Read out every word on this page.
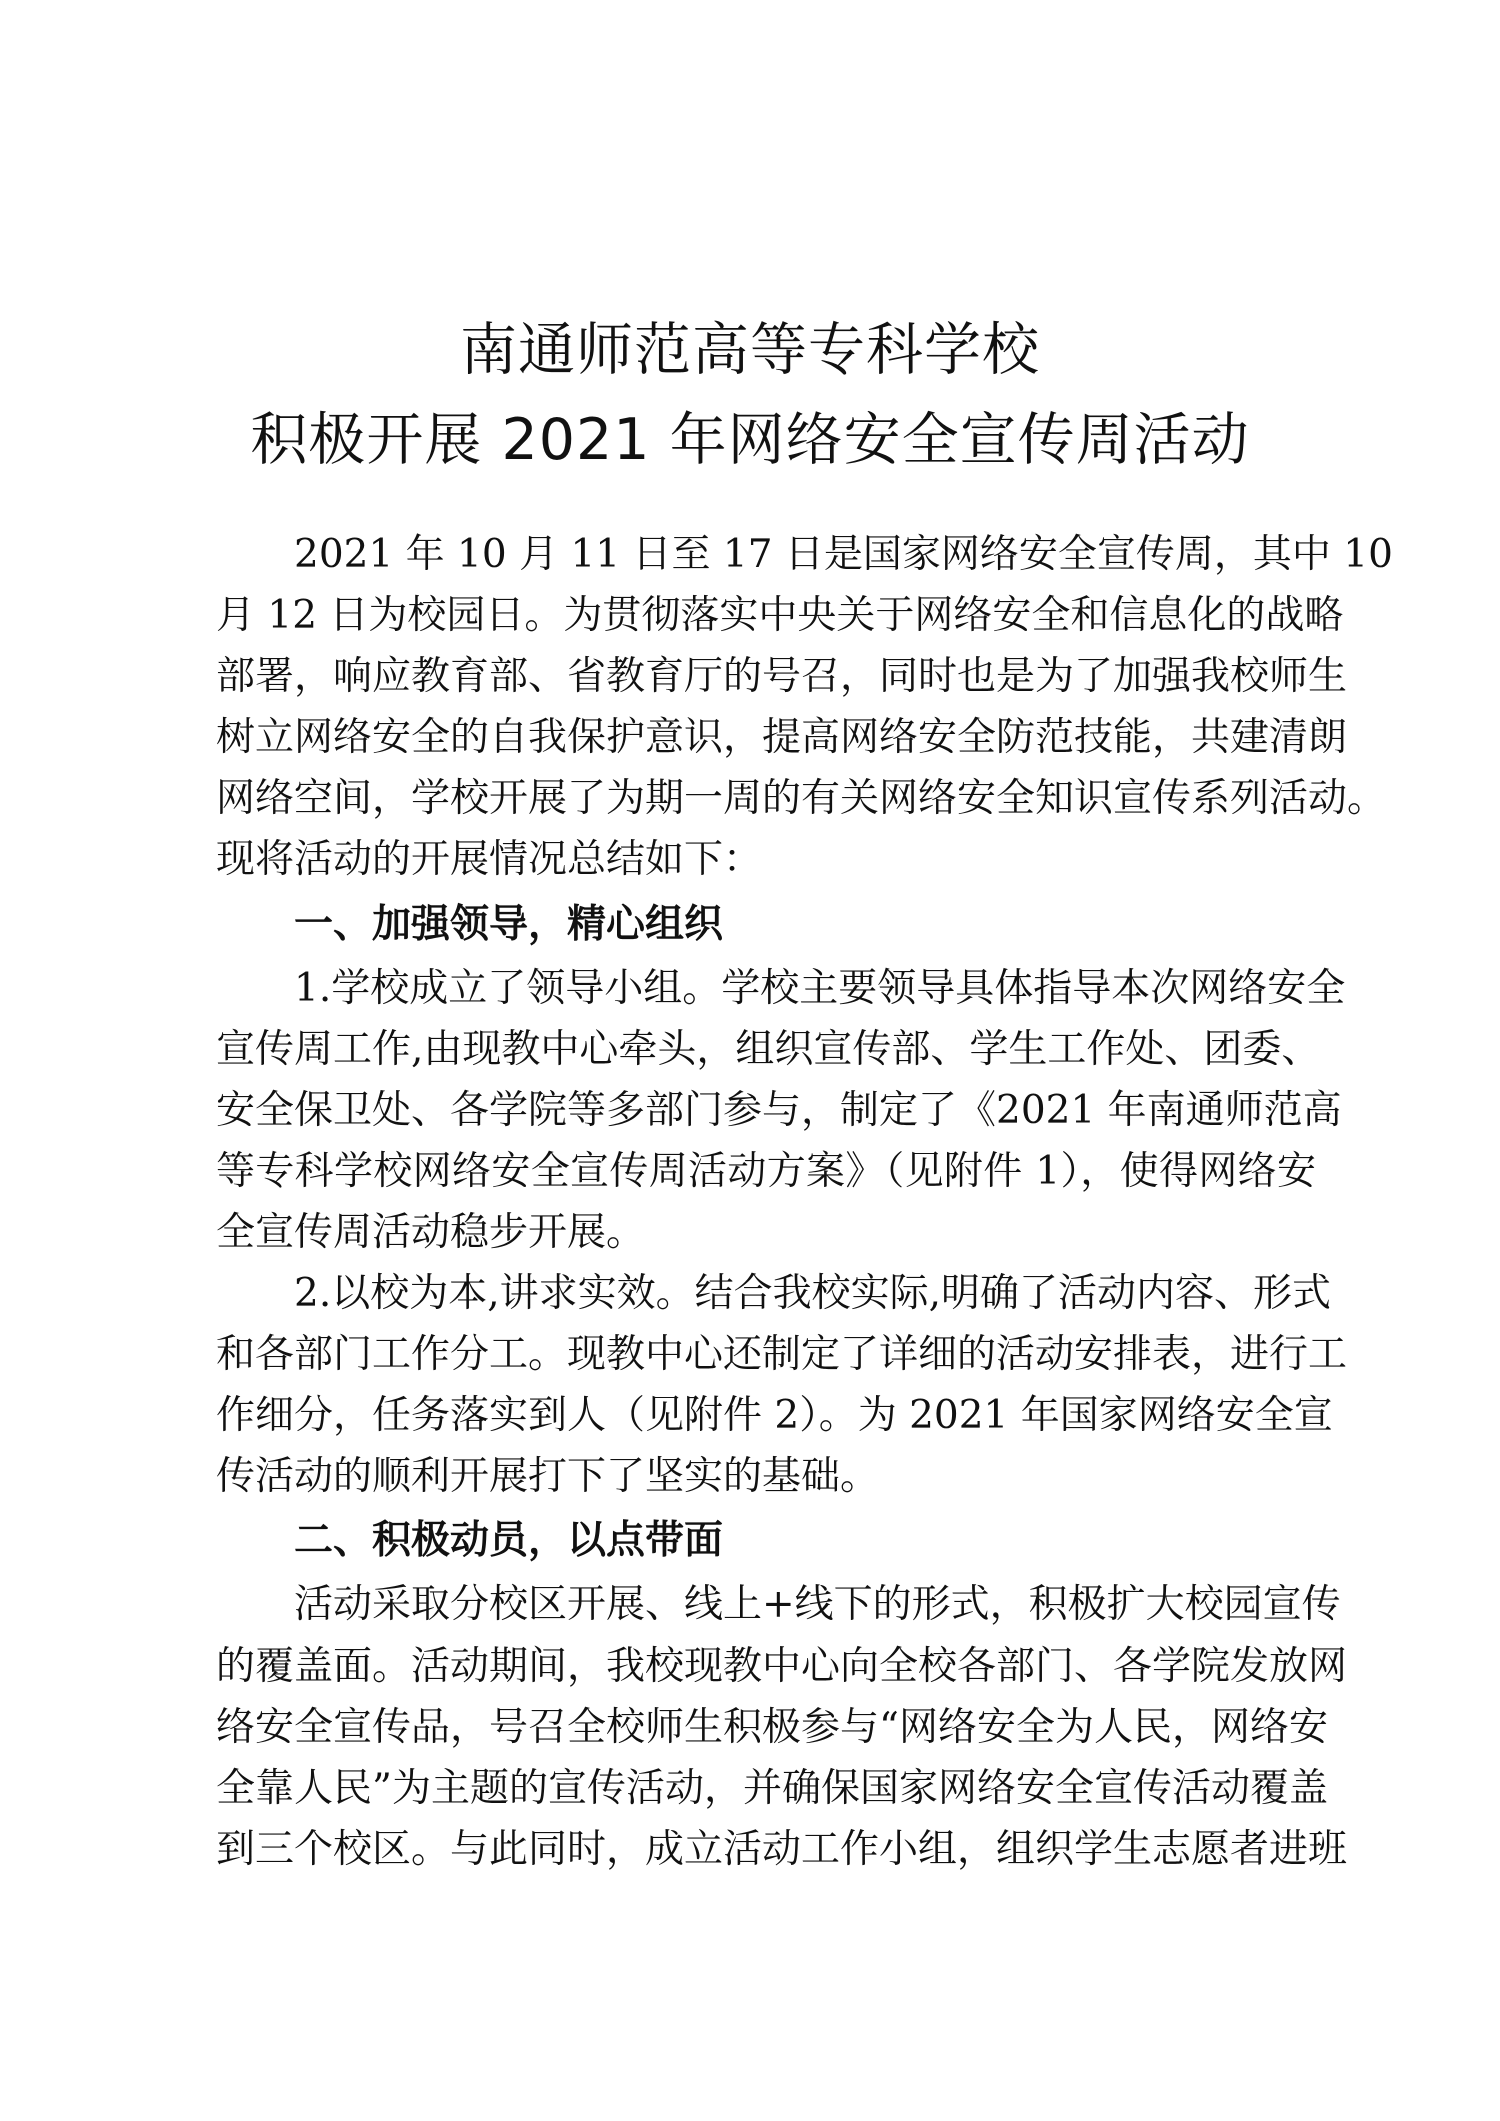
南通师范高等专科学校
积极开展 2021 年网络安全宣传周活动
2021 年 10 月 11 日至 17 日是国家网络安全宣传周，其中 10
月 12 日为校园日。为贯彻落实中央关于网络安全和信息化的战略
部署，响应教育部、省教育厅的号召，同时也是为了加强我校师生
树立网络安全的自我保护意识，提高网络安全防范技能，共建清朗
网络空间，学校开展了为期一周的有关网络安全知识宣传系列活动。
现将活动的开展情况总结如下：
一、加强领导，精心组织
1.学校成立了领导小组。学校主要领导具体指导本次网络安全
宣传周工作,由现教中心牵头，组织宣传部、学生工作处、团委、
安全保卫处、各学院等多部门参与，制定了《2021 年南通师范高
等专科学校网络安全宣传周活动方案》（见附件 1），使得网络安
全宣传周活动稳步开展。
2.以校为本,讲求实效。结合我校实际,明确了活动内容、形式
和各部门工作分工。现教中心还制定了详细的活动安排表，进行工
作细分，任务落实到人（见附件 2）。为 2021 年国家网络安全宣
传活动的顺利开展打下了坚实的基础。
二、积极动员，以点带面
活动采取分校区开展、线上+线下的形式，积极扩大校园宣传
的覆盖面。活动期间，我校现教中心向全校各部门、各学院发放网
络安全宣传品，号召全校师生积极参与“网络安全为人民，网络安
全靠人民”为主题的宣传活动，并确保国家网络安全宣传活动覆盖
到三个校区。与此同时，成立活动工作小组，组织学生志愿者进班
